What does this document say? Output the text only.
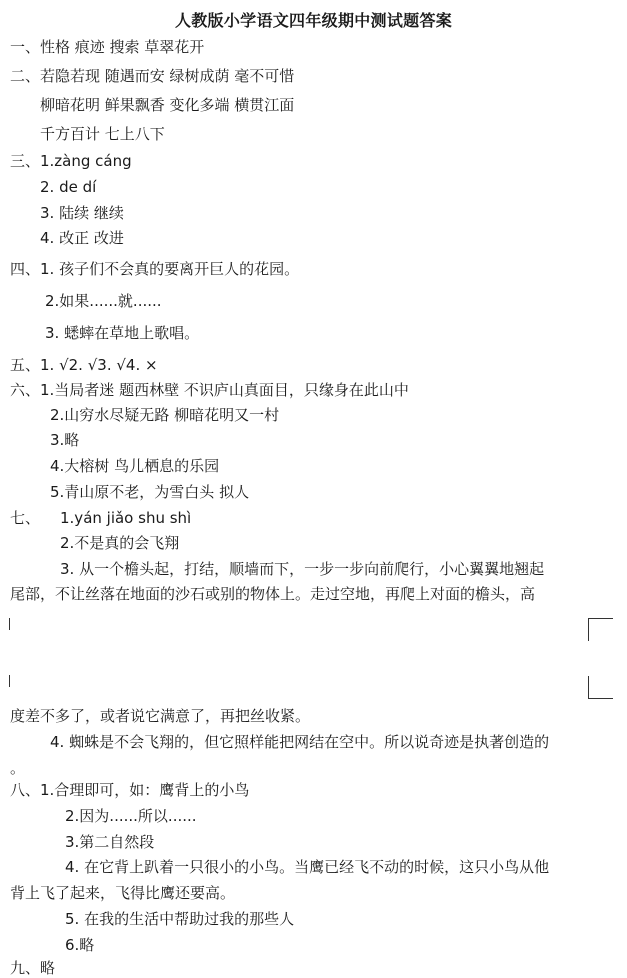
人教版小学语文四年级期中测试题答案
一、性格 痕迹 搜索 草翠花开
二、若隐若现 随遇而安 绿树成荫 毫不可惜
柳暗花明 鲜果飘香 变化多端 横贯江面
千方百计 七上八下
三、1.zàng cáng
2. de dí
3. 陆续 继续
4. 改正 改进
四、1. 孩子们不会真的要离开巨人的花园。
2.如果......就......
3. 蟋蟀在草地上歌唱。
五、1. √2. √3. √4. ×
六、1.当局者迷 题西林壁 不识庐山真面目，只缘身在此山中
2.山穷水尽疑无路 柳暗花明又一村
3.略
4.大榕树 鸟儿栖息的乐园
5.青山原不老，为雪白头 拟人
七、 1.yán jiǎo shu shì
2.不是真的会飞翔
3. 从一个檐头起，打结，顺墙而下，一步一步向前爬行，小心翼翼地翘起
尾部，不让丝落在地面的沙石或别的物体上。走过空地，再爬上对面的檐头，高
度差不多了，或者说它满意了，再把丝收紧。
4. 蜘蛛是不会飞翔的，但它照样能把网结在空中。所以说奇迹是执著创造的
。
八、1.合理即可，如：鹰背上的小鸟
2.因为......所以......
3.第二自然段
4. 在它背上趴着一只很小的小鸟。当鹰已经飞不动的时候，这只小鸟从他
背上飞了起来，飞得比鹰还要高。
5. 在我的生活中帮助过我的那些人
6.略
九、略
